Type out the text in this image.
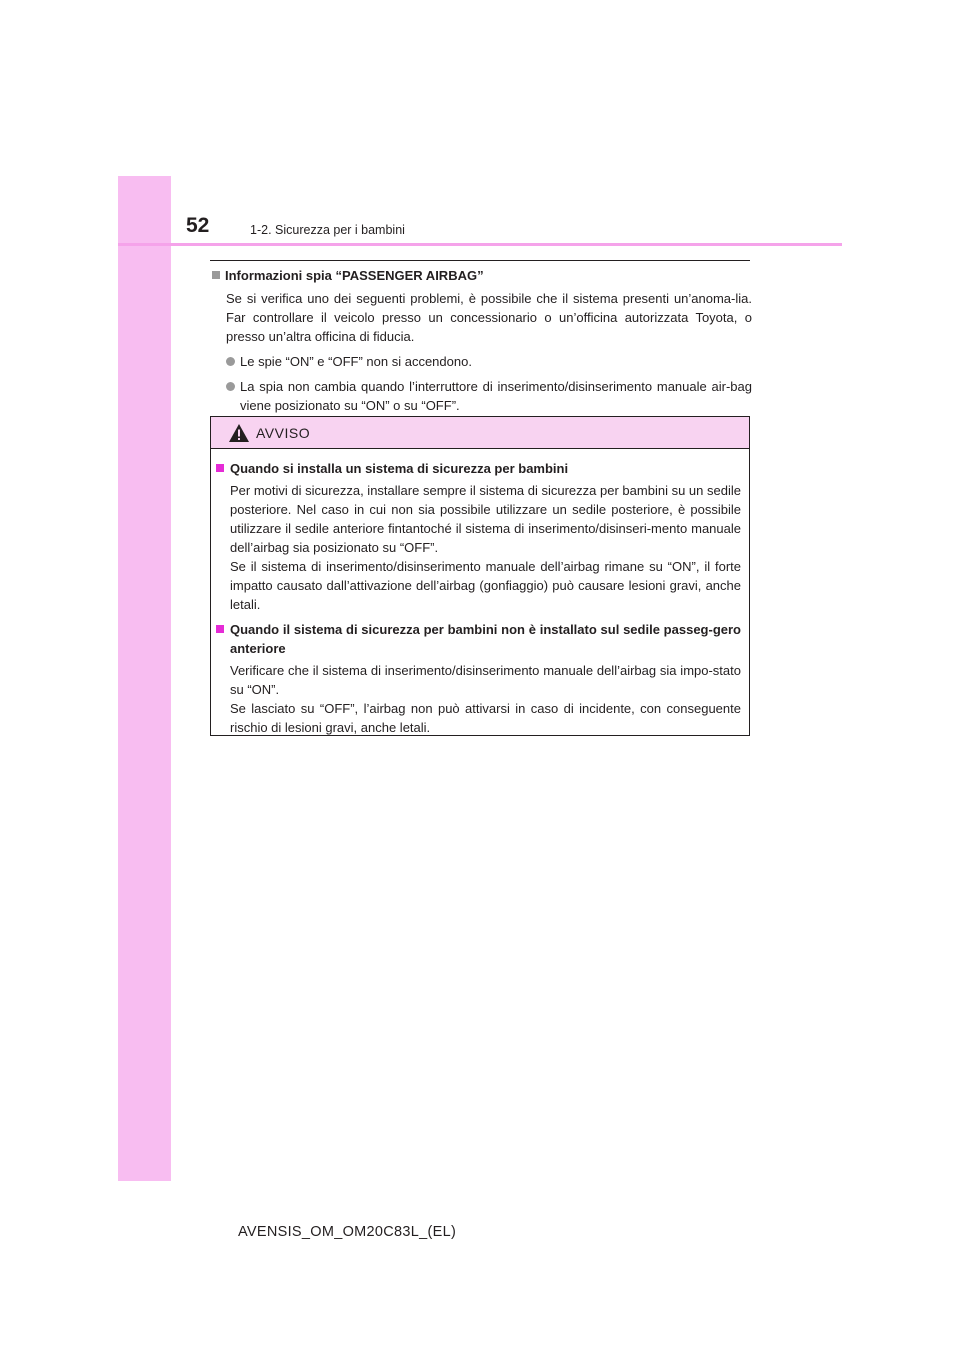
52	1-2. Sicurezza per i bambini
Informazioni spia “PASSENGER AIRBAG”
Se si verifica uno dei seguenti problemi, è possibile che il sistema presenti un’anoma-lia. Far controllare il veicolo presso un concessionario o un’officina autorizzata Toyota, o presso un’altra officina di fiducia.
Le spie “ON” e “OFF” non si accendono.
La spia non cambia quando l’interruttore di inserimento/disinserimento manuale air-bag viene posizionato su “ON” o su “OFF”.
AVVISO
Quando si installa un sistema di sicurezza per bambini
Per motivi di sicurezza, installare sempre il sistema di sicurezza per bambini su un sedile posteriore. Nel caso in cui non sia possibile utilizzare un sedile posteriore, è possibile utilizzare il sedile anteriore fintantoché il sistema di inserimento/disinseri-mento manuale dell’airbag sia posizionato su “OFF”.
Se il sistema di inserimento/disinserimento manuale dell’airbag rimane su “ON”, il forte impatto causato dall’attivazione dell’airbag (gonfiaggio) può causare lesioni gravi, anche letali.
Quando il sistema di sicurezza per bambini non è installato sul sedile passeg-gero anteriore
Verificare che il sistema di inserimento/disinserimento manuale dell’airbag sia impo-stato su “ON”.
Se lasciato su “OFF”, l’airbag non può attivarsi in caso di incidente, con conseguente rischio di lesioni gravi, anche letali.
AVENSIS_OM_OM20C83L_(EL)
